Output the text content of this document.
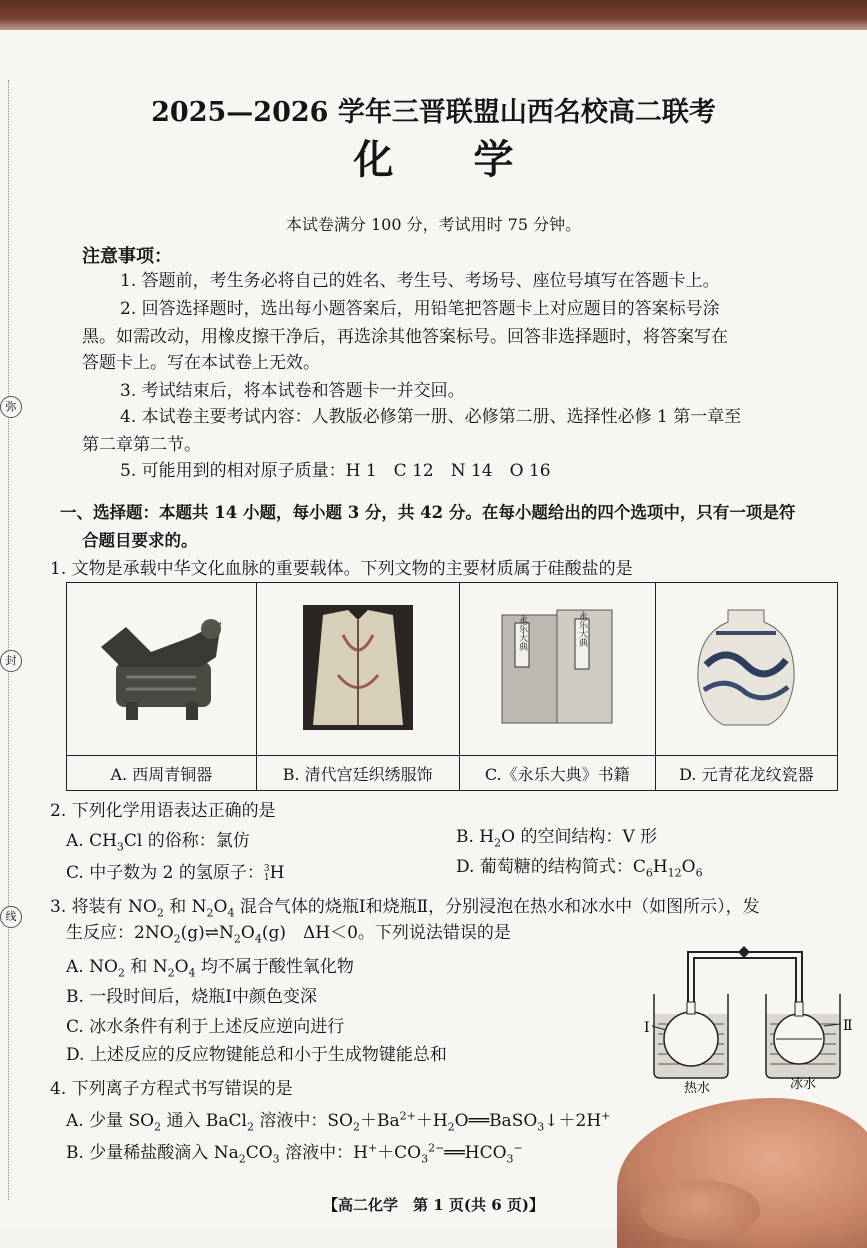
弥
封
线
2025—2026 学年三晋联盟山西名校高二联考
化　　学
本试卷满分 100 分，考试用时 75 分钟。
注意事项：
1. 答题前，考生务必将自己的姓名、考生号、考场号、座位号填写在答题卡上。
2. 回答选择题时，选出每小题答案后，用铅笔把答题卡上对应题目的答案标号涂
黑。如需改动，用橡皮擦干净后，再选涂其他答案标号。回答非选择题时，将答案写在
答题卡上。写在本试卷上无效。
3. 考试结束后，将本试卷和答题卡一并交回。
4. 本试卷主要考试内容：人教版必修第一册、必修第二册、选择性必修 1 第一章至
第二章第二节。
5. 可能用到的相对原子质量：H 1　C 12　N 14　O 16
一、选择题：本题共 14 小题，每小题 3 分，共 42 分。在每小题给出的四个选项中，只有一项是符
合题目要求的。
1. 文物是承载中华文化血脉的重要载体。下列文物的主要材质属于硅酸盐的是

永乐大典 永乐大典

A. 西周青铜器	B. 清代宫廷织绣服饰	C.《永乐大典》书籍	D. 元青花龙纹瓷器
2. 下列化学用语表达正确的是
A. $CH_3Cl$ 的俗称：氯仿	B. $H_2O$ 的空间结构：V 形
C. 中子数为 2 的氢原子：3
1H	D. 葡萄糖的结构简式：$C_6H_{12}O_6$
3. 将装有 $NO_2$ 和 $N_2O_4$ 混合气体的烧瓶Ⅰ和烧瓶Ⅱ，分别浸泡在热水和冰水中（如图所示），发
生反应：$2NO_2(g)\rightleftharpoons N_2O_4(g)$　ΔH＜0。下列说法错误的是
A. $NO_2$ 和 $N_2O_4$ 均不属于酸性氧化物
B. 一段时间后，烧瓶Ⅰ中颜色变深
C. 冰水条件有利于上述反应逆向进行
D. 上述反应的反应物键能总和小于生成物键能总和
Ⅰ	Ⅱ
热水	冰水
4. 下列离子方程式书写错误的是
A. 少量 $SO_2$ 通入 BaCl$_2$ 溶液中：$SO_2+Ba^{2+}+H_2O══BaSO_3↓+2H^+$
B. 少量稀盐酸滴入 $Na_2CO_3$ 溶液中：$H^++CO_3^{2-}══HCO_3^-$
【高二化学　第 1 页(共 6 页)】
